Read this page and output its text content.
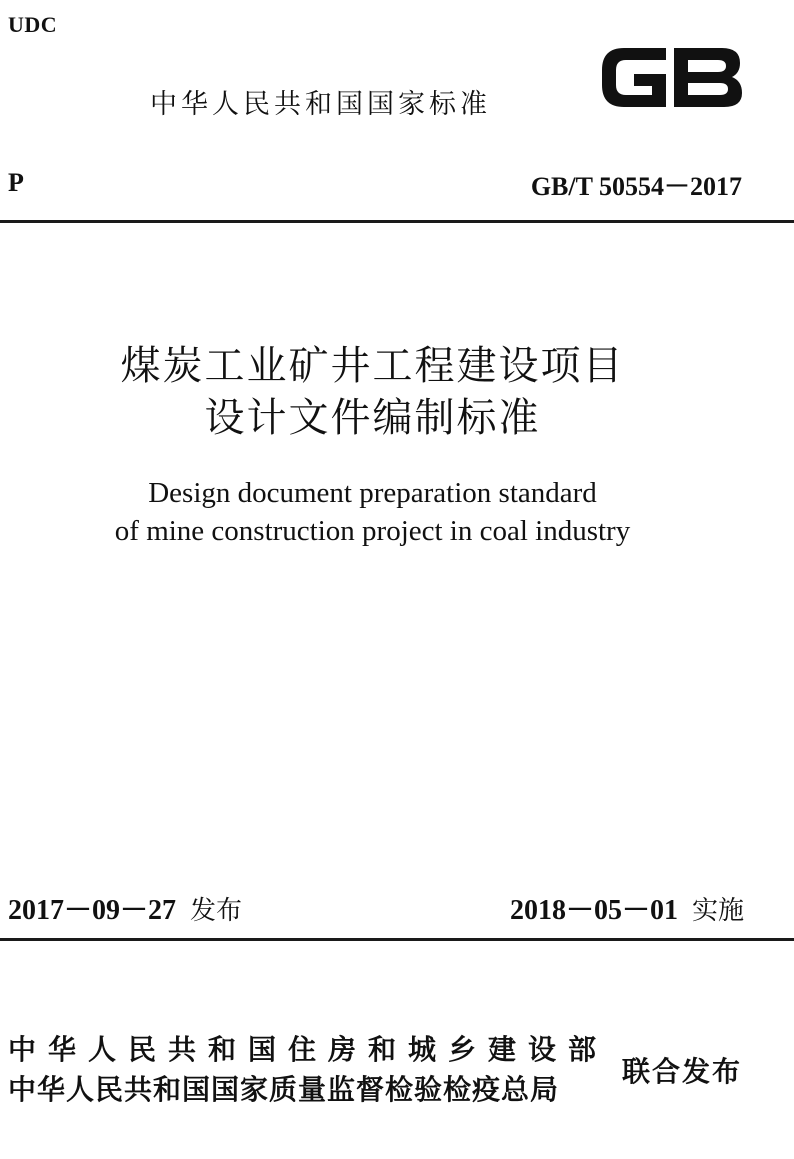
UDC
中华人民共和国国家标准
P	GB/T 50554－2017
煤炭工业矿井工程建设项目
设计文件编制标准
Design document preparation standard
of mine construction project in coal industry
2017－09－27 发布	2018－05－01 实施
中华人民共和国住房和城乡建设部
中华人民共和国国家质量监督检验检疫总局
联合发布
